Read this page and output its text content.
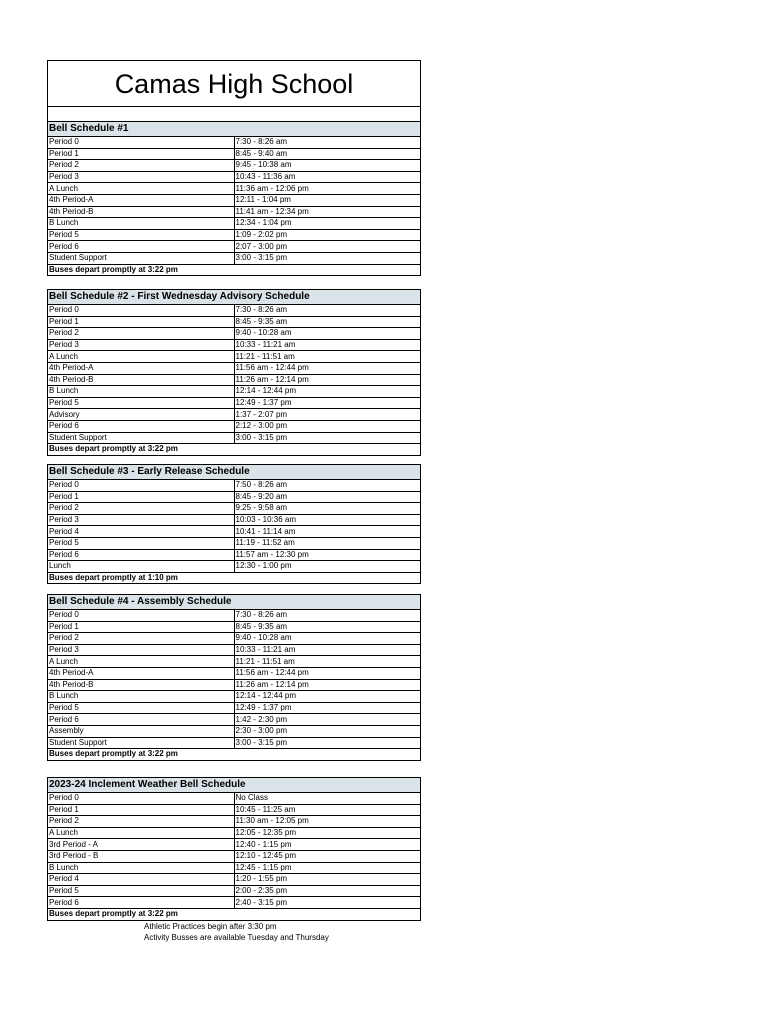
Camas High School
Bell Schedule #1	
Period 0	7:30 - 8:26 am
Period 1	8:45 - 9:40 am
Period 2	9:45 - 10:38 am
Period 3	10:43 - 11:36 am
A Lunch	11:36 am - 12:06 pm
4th Period-A	12:11 - 1:04 pm
4th Period-B	11:41 am - 12:34 pm
B Lunch	12:34 - 1:04 pm
Period 5	1:09 - 2:02 pm
Period 6	2:07 - 3:00 pm
Student Support	3:00 - 3:15 pm
Buses depart promptly at 3:22 pm	
Bell Schedule #2 - First Wednesday Advisory Schedule	
Period 0	7:30 - 8:26 am
Period 1	8:45 - 9:35 am
Period 2	9:40 - 10:28 am
Period 3	10:33 - 11:21 am
A Lunch	11:21 - 11:51 am
4th Period-A	11:56 am - 12:44 pm
4th Period-B	11:26 am - 12:14 pm
B Lunch	12:14 - 12:44 pm
Period 5	12:49 - 1:37 pm
Advisory	1:37 - 2:07 pm
Period 6	2:12 - 3:00 pm
Student Support	3:00 - 3:15 pm
Buses depart promptly at 3:22 pm	
Bell Schedule #3 - Early Release Schedule	
Period 0	7:50 - 8:26 am
Period 1	8:45 - 9:20 am
Period 2	9:25 - 9:58 am
Period 3	10:03 - 10:36 am
Period 4	10:41 - 11:14 am
Period 5	11:19 - 11:52 am
Period 6	11:57 am - 12:30 pm
Lunch	12:30 - 1:00 pm
Buses depart promptly at 1:10 pm	
Bell Schedule #4 - Assembly Schedule	
Period 0	7:30 - 8:26 am
Period 1	8:45 - 9:35 am
Period 2	9:40 - 10:28 am
Period 3	10:33 - 11:21 am
A Lunch	11:21 - 11:51 am
4th Period-A	11:56 am - 12:44 pm
4th Period-B	11:26 am - 12:14 pm
B Lunch	12:14 - 12:44 pm
Period 5	12:49 - 1:37 pm
Period 6	1:42 - 2:30 pm
Assembly	2:30 - 3:00 pm
Student Support	3:00 - 3:15 pm
Buses depart promptly at 3:22 pm	
2023-24 Inclement Weather Bell Schedule	
Period 0	No Class
Period 1	10:45 - 11:25 am
Period 2	11:30 am - 12:05 pm
A Lunch	12:05 - 12:35 pm
3rd Period - A	12:40 - 1:15 pm
3rd Period - B	12:10 - 12:45 pm
B Lunch	12:45 - 1:15 pm
Period 4	1:20 - 1:55 pm
Period 5	2:00 - 2:35 pm
Period 6	2:40 - 3:15 pm
Buses depart promptly at 3:22 pm	
Athletic Practices begin after 3:30 pm
Activity Busses are available Tuesday and Thursday
